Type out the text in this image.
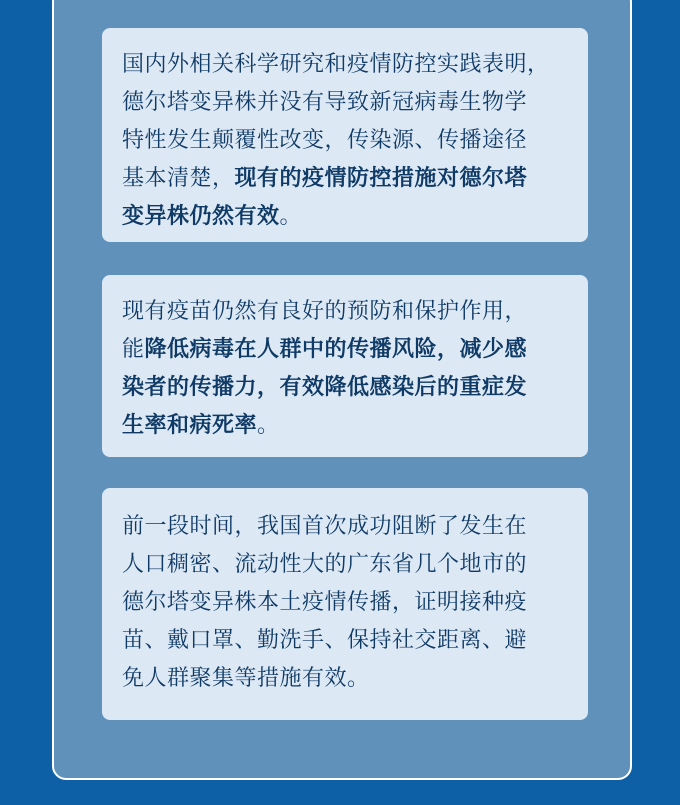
国内外相关科学研究和疫情防控实践表明，
德尔塔变异株并没有导致新冠病毒生物学
特性发生颠覆性改变，传染源、传播途径
基本清楚，现有的疫情防控措施对德尔塔
变异株仍然有效。

现有疫苗仍然有良好的预防和保护作用，
能降低病毒在人群中的传播风险，减少感
染者的传播力，有效降低感染后的重症发
生率和病死率。

前一段时间，我国首次成功阻断了发生在
人口稠密、流动性大的广东省几个地市的
德尔塔变异株本土疫情传播，证明接种疫
苗、戴口罩、勤洗手、保持社交距离、避
免人群聚集等措施有效。
